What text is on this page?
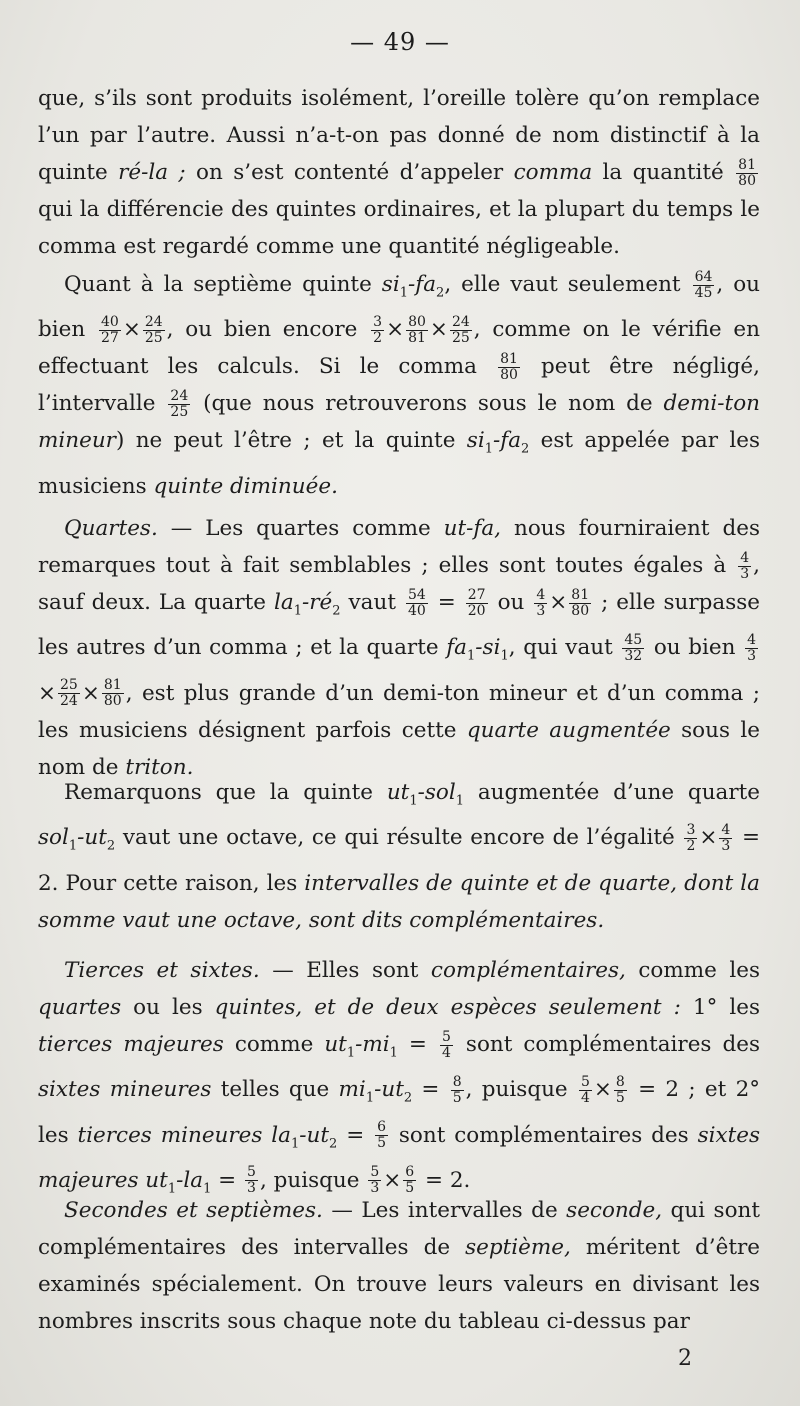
— 49 —
que, s’ils sont produits isolément, l’oreille tolère qu’on remplace l’un par l’autre. Aussi n’a-t-on pas donné de nom distinctif à la quinte ré-la ; on s’est contenté d’appeler comma la quantité $\frac{81}{80}$
qui la différencie des quintes ordinaires, et la plupart du temps le comma est regardé comme une quantité négligeable.
Quant à la septième quinte $si_1-fa_2$, elle vaut seulement $\frac{64}{45}$ , ou bien $\frac{40}{27} \times \frac{24}{25}$ , ou bien encore $\frac{3}{2} \times \frac{80}{81} \times \frac{24}{25}$ , comme on le vérifie en effectuant les calculs. Si le comma $\frac{81}{80}$ peut être négligé, l’intervalle $\frac{24}{25} (que$ nous retrouverons sous le nom de demi-ton mineur) ne peut l’être ; et la quinte $si_1-fa_2$ est appelée par les musiciens quinte diminuée.
Quartes. — Les quartes comme ut-fa, nous fourniraient des remarques tout à fait semblables ; elles sont toutes égales à $\frac{4}{3}$ , sauf deux. La quarte $la_1-ré_2$ vaut $\frac{54}{40} = \frac{27}{20}$ ou $\frac{4}{3} \times \frac{81}{80}$ ; elle surpasse les autres d’un comma ; et la quarte $fa_1-si_1$, qui vaut $\frac{45}{32}$ ou bien $\frac{4}{3}$
× $\frac{25}{24} \times \frac{81}{80}$ , est plus grande d’un demi-ton mineur et d’un comma ; les musiciens désignent parfois cette quarte augmentée sous le nom de triton.
Remarquons que la quinte $ut_1-sol_1$ augmentée d’une quarte $sol_1-ut_2$ vaut une octave, ce qui résulte encore de l’égalité $\frac{3}{2} \times \frac{4}{3} = 2$. Pour cette raison, les intervalles de quinte et de quarte, dont la somme vaut une octave, sont dits complémentaires.
Tierces et sixtes. — Elles sont complémentaires, comme les quartes ou les quintes, et de deux espèces seulement : 1° les tierces majeures comme $ut_1-mi_1 = \frac{5}{4}$ sont complémentaires des sixtes mineures telles que $mi_1-ut_2 = \frac{8}{5}$ , puisque $\frac{5}{4} \times \frac{8}{5} = 2$ ; et 2° les tierces mineures $la_1-ut_2 = \frac{6}{5}$ sont complémentaires des sixtes majeures $ut_1-la_1 = \frac{5}{3}$ , puisque $\frac{5}{3} \times \frac{6}{5} = 2$.
Secondes et septièmes. — Les intervalles de seconde, qui sont complémentaires des intervalles de septième, méritent d’être examinés spécialement. On trouve leurs valeurs en divisant les nombres inscrits sous chaque note du tableau ci-dessus par
2
